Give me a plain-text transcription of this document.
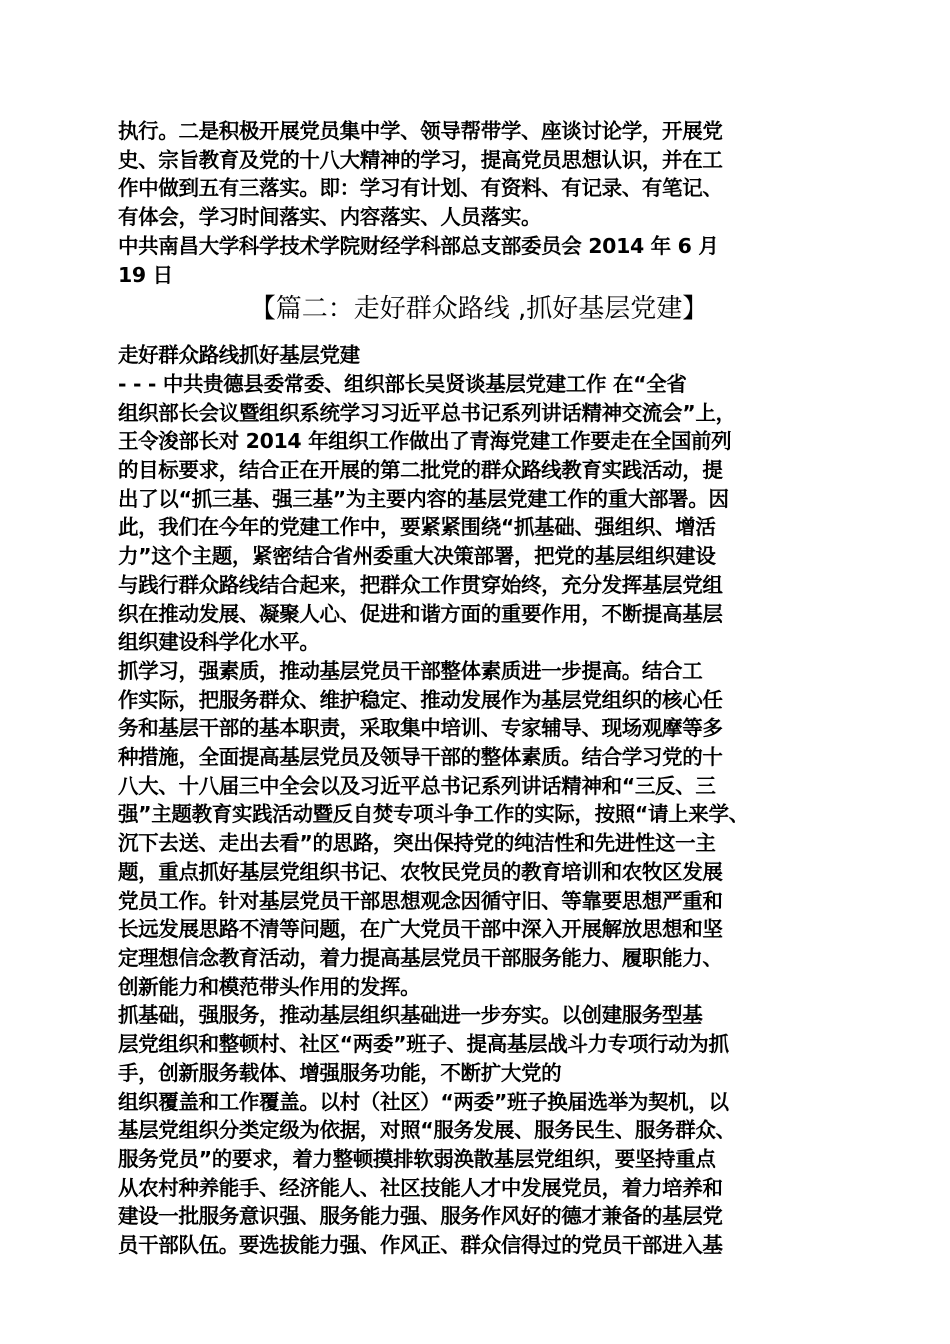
执行。二是积极开展党员集中学、领导帮带学、座谈讨论学，开展党
史、宗旨教育及党的十八大精神的学习，提高党员思想认识，并在工
作中做到五有三落实。即：学习有计划、有资料、有记录、有笔记、
有体会，学习时间落实、内容落实、人员落实。
中共南昌大学科学技术学院财经学科部总支部委员会 2014 年 6 月
19 日
【篇二：走好群众路线 ,抓好基层党建】
走好群众路线抓好基层党建
- - - 中共贵德县委常委、组织部长吴贤谈基层党建工作 在“全省
组织部长会议暨组织系统学习习近平总书记系列讲话精神交流会”上，
王令浚部长对 2014 年组织工作做出了青海党建工作要走在全国前列
的目标要求，结合正在开展的第二批党的群众路线教育实践活动，提
出了以“抓三基、强三基”为主要内容的基层党建工作的重大部署。因
此，我们在今年的党建工作中，要紧紧围绕“抓基础、强组织、增活
力”这个主题，紧密结合省州委重大决策部署，把党的基层组织建设
与践行群众路线结合起来，把群众工作贯穿始终，充分发挥基层党组
织在推动发展、凝聚人心、促进和谐方面的重要作用，不断提高基层
组织建设科学化水平。
抓学习，强素质，推动基层党员干部整体素质进一步提高。结合工
作实际，把服务群众、维护稳定、推动发展作为基层党组织的核心任
务和基层干部的基本职责，采取集中培训、专家辅导、现场观摩等多
种措施，全面提高基层党员及领导干部的整体素质。结合学习党的十
八大、十八届三中全会以及习近平总书记系列讲话精神和“三反、三
强”主题教育实践活动暨反自焚专项斗争工作的实际，按照“请上来学、
沉下去送、走出去看”的思路，突出保持党的纯洁性和先进性这一主
题，重点抓好基层党组织书记、农牧民党员的教育培训和农牧区发展
党员工作。针对基层党员干部思想观念因循守旧、等靠要思想严重和
长远发展思路不清等问题，在广大党员干部中深入开展解放思想和坚
定理想信念教育活动，着力提高基层党员干部服务能力、履职能力、
创新能力和模范带头作用的发挥。
抓基础，强服务，推动基层组织基础进一步夯实。以创建服务型基
层党组织和整顿村、社区“两委”班子、提高基层战斗力专项行动为抓
手，创新服务载体、增强服务功能，不断扩大党的
组织覆盖和工作覆盖。以村（社区）“两委”班子换届选举为契机，以
基层党组织分类定级为依据，对照“服务发展、服务民生、服务群众、
服务党员”的要求，着力整顿摸排软弱涣散基层党组织，要坚持重点
从农村种养能手、经济能人、社区技能人才中发展党员，着力培养和
建设一批服务意识强、服务能力强、服务作风好的德才兼备的基层党
员干部队伍。要选拔能力强、作风正、群众信得过的党员干部进入基
